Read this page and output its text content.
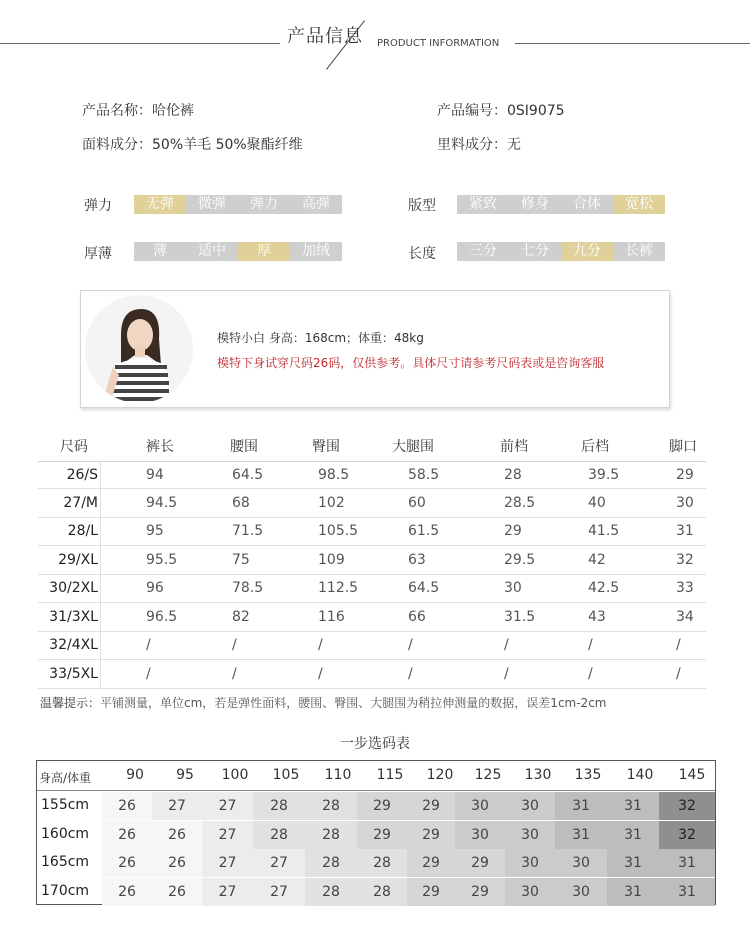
产品信息 PRODUCT INFORMATION
产品名称：哈伦裤	产品编号：0SI9075
面料成分：50%羊毛 50%聚酯纤维	里料成分：无
弹力	无弹	微弹	弹力	高弹	版型	紧致	修身	合体	宽松
厚薄	薄	适中	厚	加绒	长度	三分	七分	九分	长裤
模特小白 身高：168cm；体重：48kg
模特下身试穿尺码26码，仅供参考。具体尺寸请参考尺码表或是咨询客服
尺码	裤长	腰围	臀围	大腿围	前档	后档	脚口
26/S	94	64.5	98.5	58.5	28	39.5	29
27/M	94.5	68	102	60	28.5	40	30
28/L	95	71.5	105.5	61.5	29	41.5	31
29/XL	95.5	75	109	63	29.5	42	32
30/2XL	96	78.5	112.5	64.5	30	42.5	33
31/3XL	96.5	82	116	66	31.5	43	34
32/4XL	/	/	/	/	/	/	/
33/5XL	/	/	/	/	/	/	/
温馨提示：平铺测量，单位cm，若是弹性面料，腰围、臀围、大腿围为稍拉伸测量的数据，误差1cm-2cm
一步选码表
身高/体重	90	95	100	105	110	115	120	125	130	135	140	145
155cm	26	27	27	28	28	29	29	30	30	31	31	32
160cm	26	26	27	28	28	29	29	30	30	31	31	32
165cm	26	26	27	27	28	28	29	29	30	30	31	31
170cm	26	26	27	27	28	28	29	29	30	30	31	31
